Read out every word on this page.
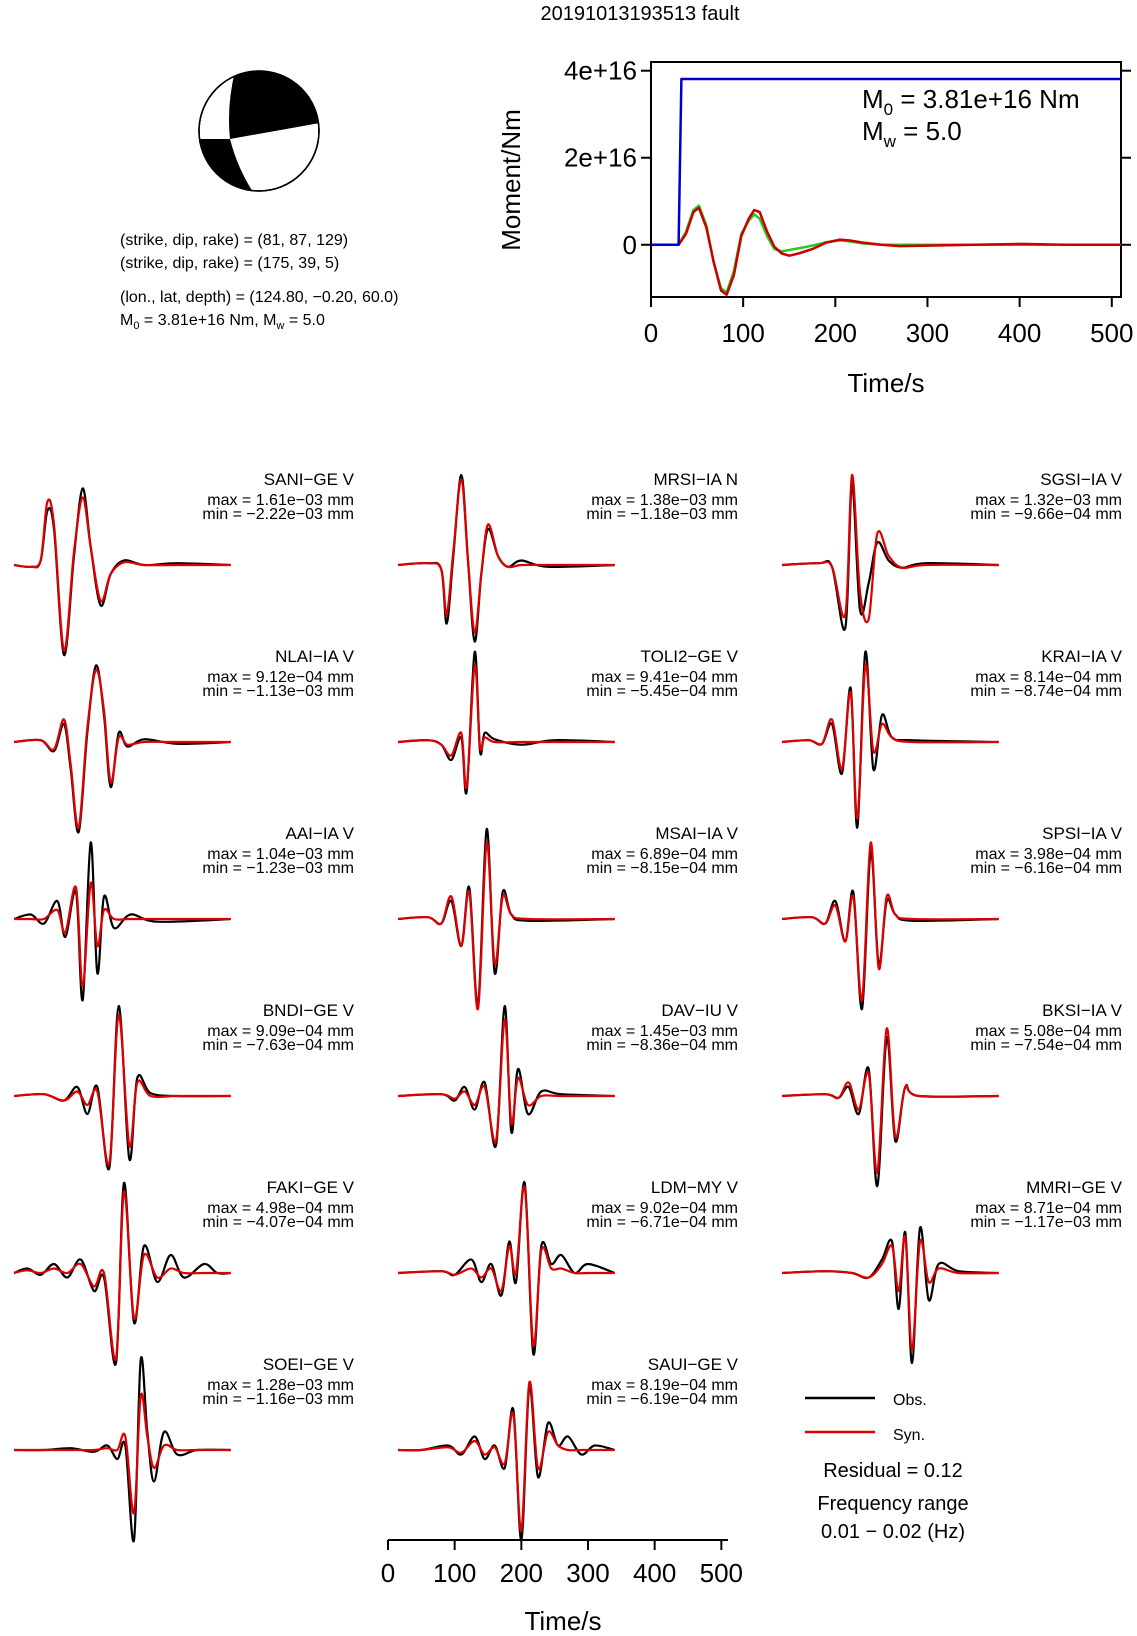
20191013193513 fault
(strike, dip, rake) = (81, 87, 129)
(strike, dip, rake) = (175, 39, 5)
(lon., lat, depth) = (124.80, −0.20, 60.0)
$M_0 = 3.81e+16$ Nm, $M_w = 5.0$
0
2e+16
4e+16
0 100 200 300 400 500
Moment/Nm
Time/s
$M_0 = 3.81e+16$ Nm
$M_w = 5.0$
SANI−GE V
max = 1.61e−03 mm
min = −2.22e−03 mm
MRSI−IA N
max = 1.38e−03 mm
min = −1.18e−03 mm
SGSI−IA V
max = 1.32e−03 mm
min = −9.66e−04 mm
NLAI−IA V
max = 9.12e−04 mm
min = −1.13e−03 mm
TOLI2−GE V
max = 9.41e−04 mm
min = −5.45e−04 mm
KRAI−IA V
max = 8.14e−04 mm
min = −8.74e−04 mm
AAI−IA V
max = 1.04e−03 mm
min = −1.23e−03 mm
MSAI−IA V
max = 6.89e−04 mm
min = −8.15e−04 mm
SPSI−IA V
max = 3.98e−04 mm
min = −6.16e−04 mm
BNDI−GE V
max = 9.09e−04 mm
min = −7.63e−04 mm
DAV−IU V
max = 1.45e−03 mm
min = −8.36e−04 mm
BKSI−IA V
max = 5.08e−04 mm
min = −7.54e−04 mm
FAKI−GE V
max = 4.98e−04 mm
min = −4.07e−04 mm
LDM−MY V
max = 9.02e−04 mm
min = −6.71e−04 mm
MMRI−GE V
max = 8.71e−04 mm
min = −1.17e−03 mm
SOEI−GE V
max = 1.28e−03 mm
min = −1.16e−03 mm
SAUI−GE V
max = 8.19e−04 mm
min = −6.19e−04 mm
Time/s
0 100 200 300 400 500
Obs.
Syn.
Residual = 0.12
Frequency range
0.01 − 0.02 (Hz)
